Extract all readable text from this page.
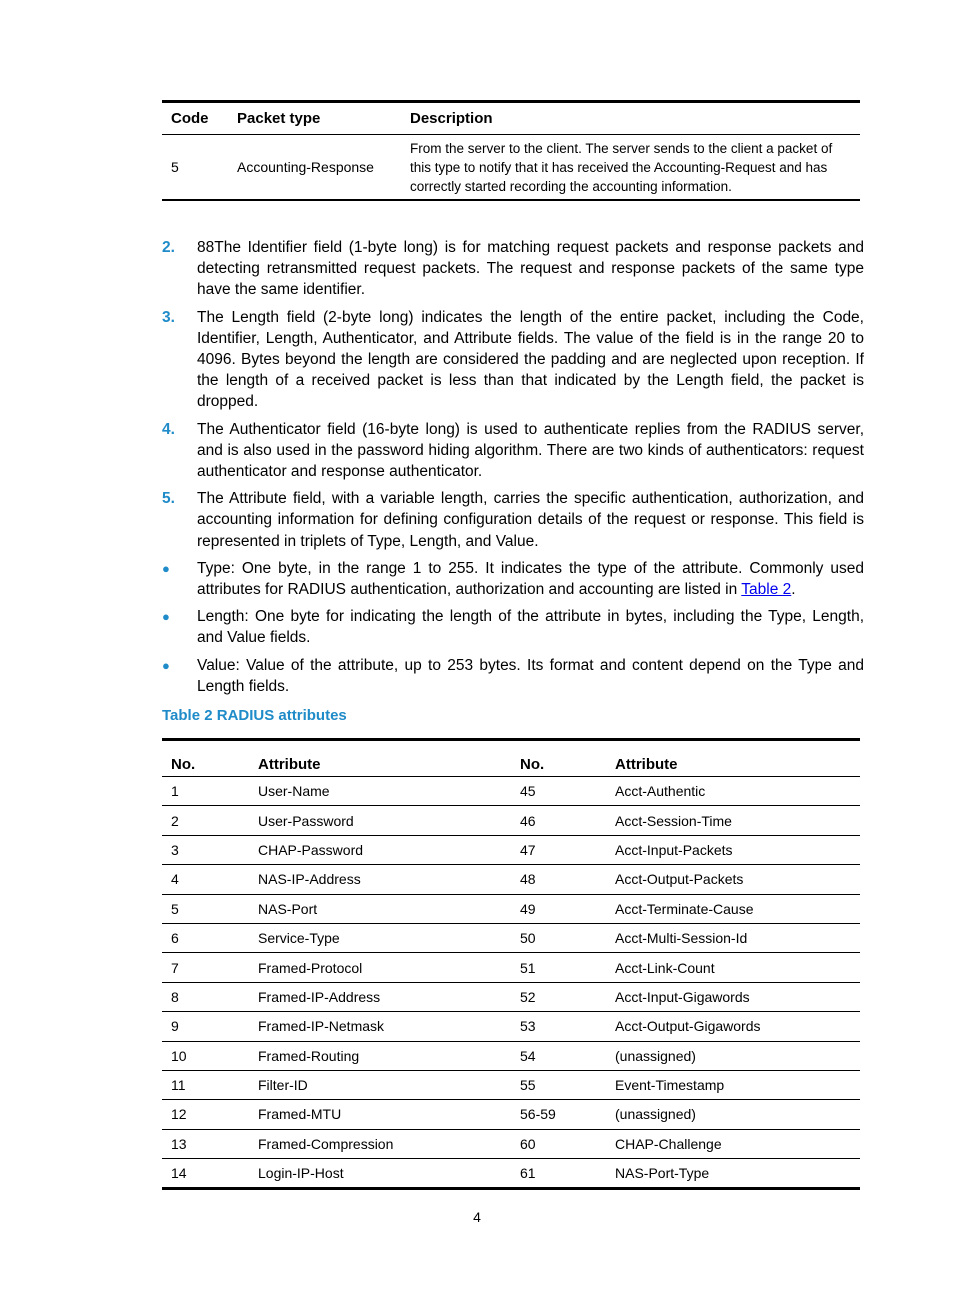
Code	Packet type	Description
5	Accounting-Response	From the server to the client. The server sends to the client a packet of this type to notify that it has received the Accounting-Request and has correctly started recording the accounting information.
2.	88The Identifier field (1-byte long) is for matching request packets and response packets and detecting retransmitted request packets. The request and response packets of the same type have the same identifier.
3.	The Length field (2-byte long) indicates the length of the entire packet, including the Code, Identifier, Length, Authenticator, and Attribute fields. The value of the field is in the range 20 to 4096. Bytes beyond the length are considered the padding and are neglected upon reception. If the length of a received packet is less than that indicated by the Length field, the packet is dropped.
4.	The Authenticator field (16-byte long) is used to authenticate replies from the RADIUS server, and is also used in the password hiding algorithm. There are two kinds of authenticators: request authenticator and response authenticator.
5.	The Attribute field, with a variable length, carries the specific authentication, authorization, and accounting information for defining configuration details of the request or response. This field is represented in triplets of Type, Length, and Value.
●	Type: One byte, in the range 1 to 255. It indicates the type of the attribute. Commonly used attributes for RADIUS authentication, authorization and accounting are listed in Table 2.
●	Length: One byte for indicating the length of the attribute in bytes, including the Type, Length, and Value fields.
●	Value: Value of the attribute, up to 253 bytes. Its format and content depend on the Type and Length fields.
Table 2 RADIUS attributes
No.	Attribute	No.	Attribute
1	User-Name	45	Acct-Authentic
2	User-Password	46	Acct-Session-Time
3	CHAP-Password	47	Acct-Input-Packets
4	NAS-IP-Address	48	Acct-Output-Packets
5	NAS-Port	49	Acct-Terminate-Cause
6	Service-Type	50	Acct-Multi-Session-Id
7	Framed-Protocol	51	Acct-Link-Count
8	Framed-IP-Address	52	Acct-Input-Gigawords
9	Framed-IP-Netmask	53	Acct-Output-Gigawords
10	Framed-Routing	54	(unassigned)
11	Filter-ID	55	Event-Timestamp
12	Framed-MTU	56-59	(unassigned)
13	Framed-Compression	60	CHAP-Challenge
14	Login-IP-Host	61	NAS-Port-Type
4
